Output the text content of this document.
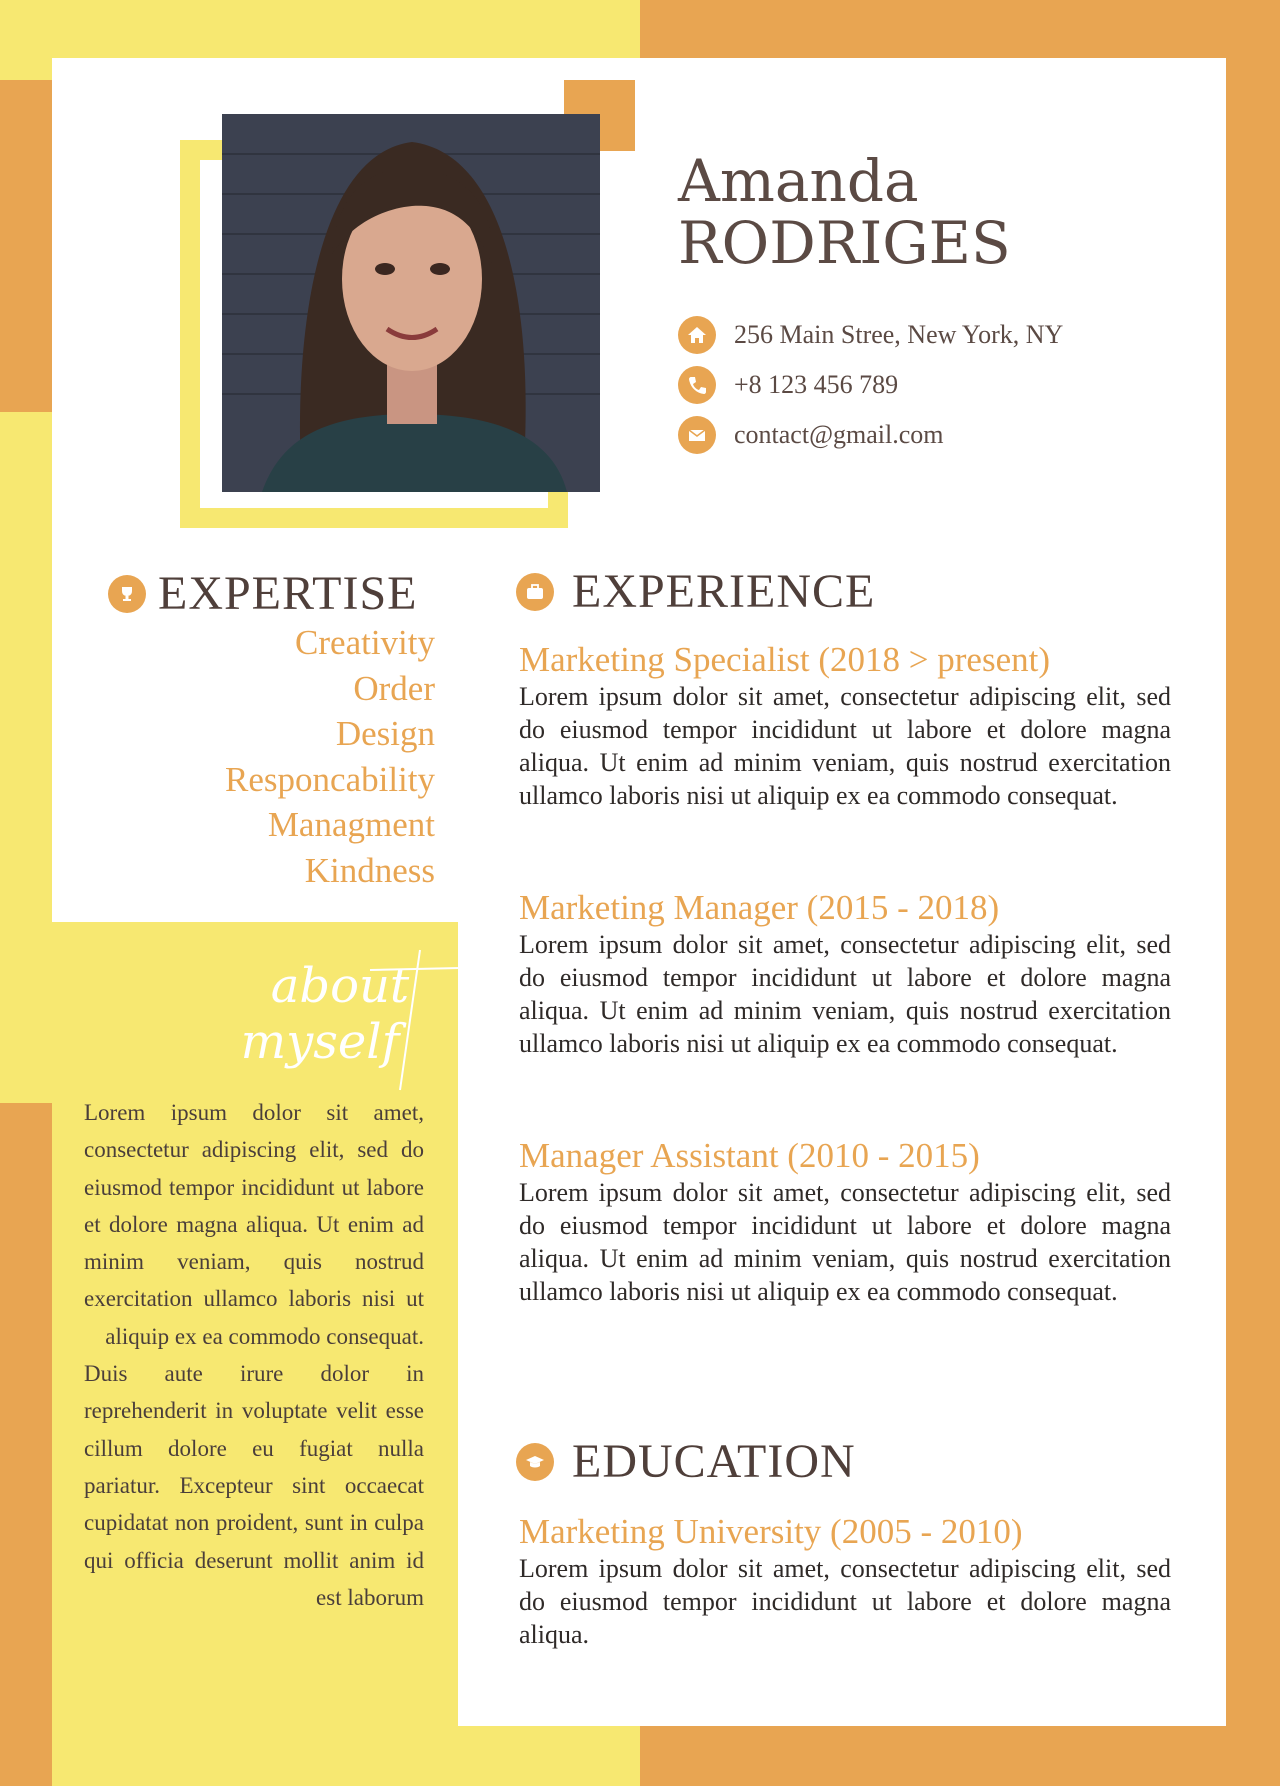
Amanda
RODRIGES
256 Main Stree, New York, NY
+8 123 456 789
contact@gmail.com
EXPERTISE
Creativity
Order
Design
Responcability
Managment
Kindness
about
myself

Lorem ipsum dolor sit amet, consectetur adipiscing elit, sed do eiusmod tempor incididunt ut labore et dolore magna aliqua. Ut enim ad minim veniam, quis nostrud exercitation ullamco laboris nisi ut aliquip ex ea commodo consequat.

Duis aute irure dolor in reprehenderit in voluptate velit esse cillum dolore eu fugiat nulla pariatur. Excepteur sint occaecat cupidatat non proident, sunt in culpa qui officia deserunt mollit anim id est laborum

EXPERIENCE
Marketing Specialist (2018 > present)
Lorem ipsum dolor sit amet, consectetur adipiscing elit, sed do eiusmod tempor incididunt ut labore et dolore magna aliqua. Ut enim ad minim veniam, quis nostrud exercitation ullamco laboris nisi ut aliquip ex ea commodo consequat.
Marketing Manager (2015 - 2018)
Lorem ipsum dolor sit amet, consectetur adipiscing elit, sed do eiusmod tempor incididunt ut labore et dolore magna aliqua. Ut enim ad minim veniam, quis nostrud exercitation ullamco laboris nisi ut aliquip ex ea commodo consequat.
Manager Assistant (2010 - 2015)
Lorem ipsum dolor sit amet, consectetur adipiscing elit, sed do eiusmod tempor incididunt ut labore et dolore magna aliqua. Ut enim ad minim veniam, quis nostrud exercitation ullamco laboris nisi ut aliquip ex ea commodo consequat.
EDUCATION
Marketing University (2005 - 2010)
Lorem ipsum dolor sit amet, consectetur adipiscing elit, sed do eiusmod tempor incididunt ut labore et dolore magna aliqua.
